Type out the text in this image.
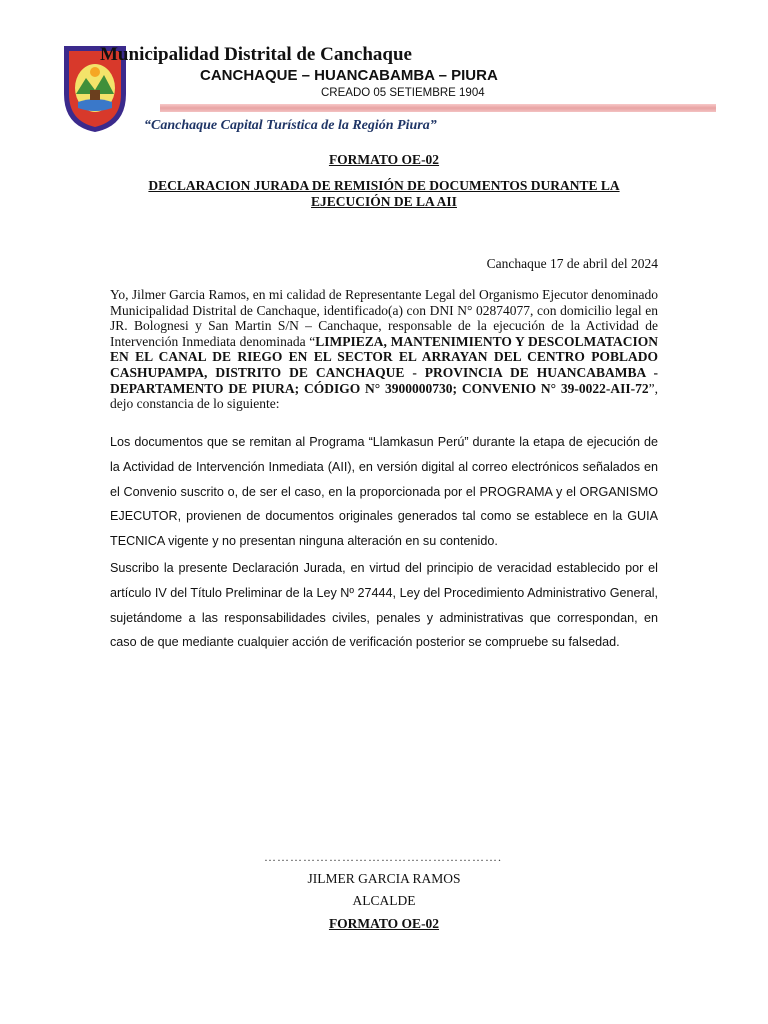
Municipalidad Distrital de Canchaque
CANCHAQUE – HUANCABAMBA – PIURA
CREADO 05 SETIEMBRE 1904
“Canchaque Capital Turística de la Región Piura”
FORMATO OE-02
DECLARACION JURADA DE REMISIÓN DE DOCUMENTOS DURANTE LA
EJECUCIÓN DE LA AII
Canchaque 17 de abril del 2024
Yo, Jilmer Garcia Ramos, en mi calidad de Representante Legal del Organismo Ejecutor denominado Municipalidad Distrital de Canchaque, identificado(a) con DNI N° 02874077, con domicilio legal en JR. Bolognesi y San Martin S/N – Canchaque, responsable de la ejecución de la Actividad de Intervención Inmediata denominada “LIMPIEZA, MANTENIMIENTO Y DESCOLMATACION EN EL CANAL DE RIEGO EN EL SECTOR EL ARRAYAN DEL CENTRO POBLADO CASHUPAMPA, DISTRITO DE CANCHAQUE - PROVINCIA DE HUANCABAMBA - DEPARTAMENTO DE PIURA; CÓDIGO N° 3900000730; CONVENIO N° 39-0022-AII-72”, dejo constancia de lo siguiente:
Los documentos que se remitan al Programa “Llamkasun Perú” durante la etapa de ejecución de la Actividad de Intervención Inmediata (AII), en versión digital al correo electrónicos señalados en el Convenio suscrito o, de ser el caso, en la proporcionada por el PROGRAMA y el ORGANISMO EJECUTOR, provienen de documentos originales generados tal como se establece en la GUIA TECNICA vigente y no presentan ninguna alteración en su contenido.
Suscribo la presente Declaración Jurada, en virtud del principio de veracidad establecido por el artículo IV del Título Preliminar de la Ley Nº 27444, Ley del Procedimiento Administrativo General, sujetándome a las responsabilidades civiles, penales y administrativas que correspondan, en caso de que mediante cualquier acción de verificación posterior se compruebe su falsedad.
……………………………………………….
JILMER GARCIA RAMOS
ALCALDE
FORMATO OE-02
